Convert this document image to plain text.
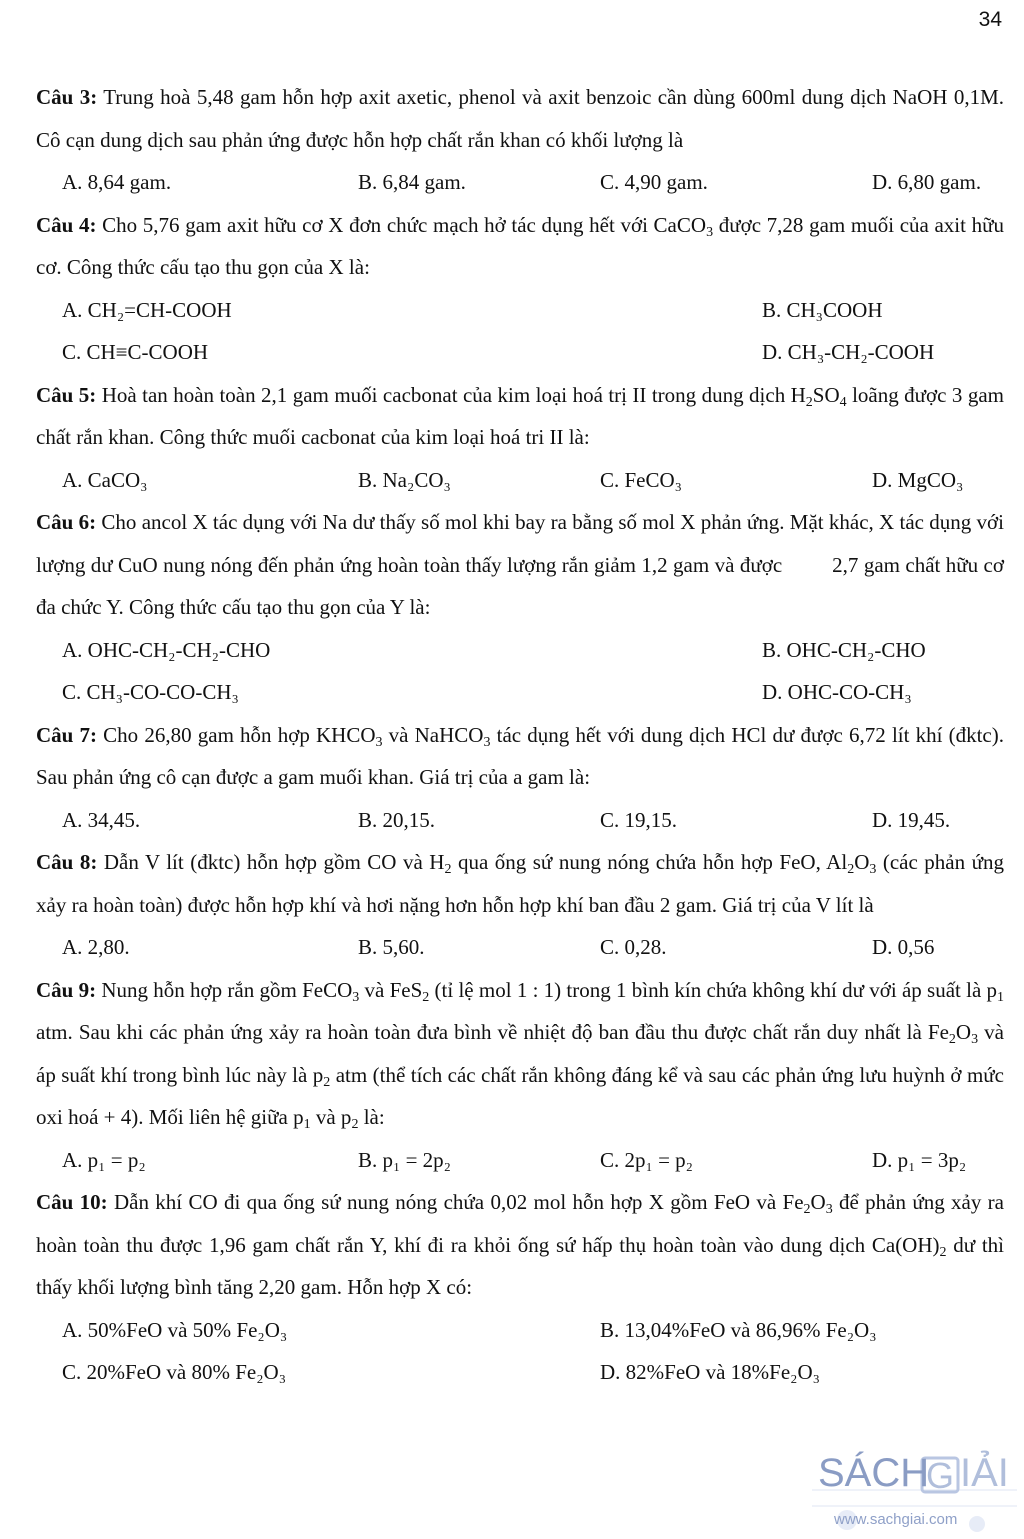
34
Câu 3: Trung hoà 5,48 gam hỗn hợp axit axetic, phenol và axit benzoic cần dùng 600ml dung dịch NaOH 0,1M. Cô cạn dung dịch sau phản ứng được hỗn hợp chất rắn khan có khối lượng là
A. 8,64 gam.	B. 6,84 gam.	C. 4,90 gam.	D. 6,80 gam.
Câu 4: Cho 5,76 gam axit hữu cơ X đơn chức mạch hở tác dụng hết với CaCO$_3$ được 7,28 gam muối của axit hữu cơ. Công thức cấu tạo thu gọn của X là:
A. CH₂=CH-COOH	B. CH₃COOH
C. CH≡C-COOH	D. CH₃-CH₂-COOH
Câu 5: Hoà tan hoàn toàn 2,1 gam muối cacbonat của kim loại hoá trị II trong dung dịch $H_2SO_4$ loãng được 3 gam chất rắn khan. Công thức muối cacbonat của kim loại hoá tri II là:
A. CaCO₃	B. Na₂CO₃	C. FeCO₃	D. MgCO₃
Câu 6: Cho ancol X tác dụng với Na dư thấy số mol khi bay ra bằng số mol X phản ứng. Mặt khác, X tác dụng với lượng dư CuO nung nóng đến phản ứng hoàn toàn thấy lượng rắn giảm 1,2 gam và được 2,7 gam chất hữu cơ đa chức Y. Công thức cấu tạo thu gọn của Y là:
A. OHC-CH₂-CH₂-CHO	B. OHC-CH₂-CHO
C. CH₃-CO-CO-CH₃	D. OHC-CO-CH₃
Câu 7: Cho 26,80 gam hỗn hợp $KHCO_3$ và NaHCO$_3$ tác dụng hết với dung dịch HCl dư được 6,72 lít khí (đktc). Sau phản ứng cô cạn được a gam muối khan. Giá trị của a gam là:
A. 34,45.	B. 20,15.	C. 19,15.	D. 19,45.
Câu 8: Dẫn V lít (đktc) hỗn hợp gồm CO và $H_2$ qua ống sứ nung nóng chứa hỗn hợp FeO, $Al_2O_3$ (các phản ứng xảy ra hoàn toàn) được hỗn hợp khí và hơi nặng hơn hỗn hợp khí ban đầu 2 gam. Giá trị của V lít là
A. 2,80.	B. 5,60.	C. 0,28.	D. 0,56
Câu 9: Nung hỗn hợp rắn gồm FeCO$_3$ và FeS$_2$ (tỉ lệ mol 1 : 1) trong 1 bình kín chứa không khí dư với áp suất là $p_1$ atm. Sau khi các phản ứng xảy ra hoàn toàn đưa bình về nhiệt độ ban đầu thu được chất rắn duy nhất là $Fe_2O_3$ và áp suất khí trong bình lúc này là $p_2$ atm (thể tích các chất rắn không đáng kể và sau các phản ứng lưu huỳnh ở mức oxi hoá + 4). Mối liên hệ giữa $p_1$ và $p_2$ là:
A. p₁ = p₂	B. p₁ = 2p₂	C. 2p₁ = p₂	D. p₁ = 3p₂
Câu 10: Dẫn khí CO đi qua ống sứ nung nóng chứa 0,02 mol hỗn hợp X gồm FeO và $Fe_2O_3$ để phản ứng xảy ra hoàn toàn thu được 1,96 gam chất rắn Y, khí đi ra khỏi ống sứ hấp thụ hoàn toàn vào dung dịch $Ca(OH)_2$ dư thì thấy khối lượng bình tăng 2,20 gam. Hỗn hợp X có:
A. 50%FeO và 50% Fe₂O₃	B. 13,04%FeO và 86,96% Fe₂O₃
C. 20%FeO và 80% Fe₂O₃	D. 82%FeO và 18%Fe₂O₃
SÁCH IẢI
G
www.sachgiai.com
